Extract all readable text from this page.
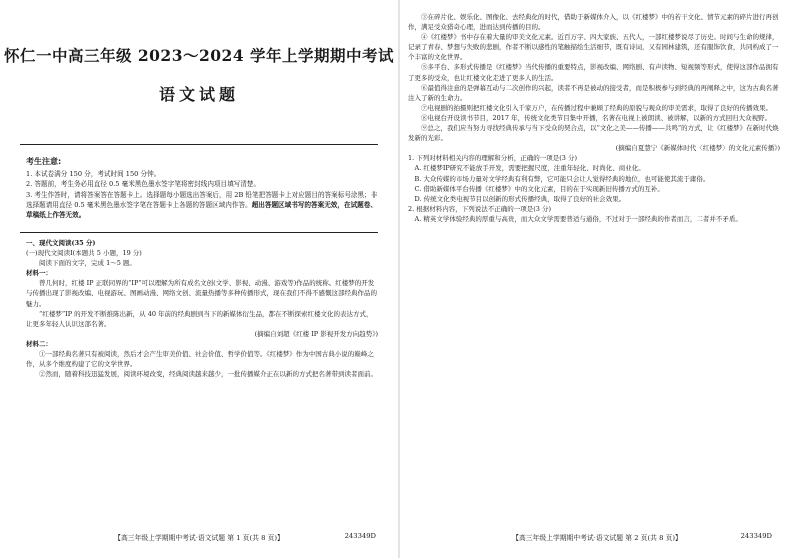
怀仁一中高三年级 2023～2024 学年上学期期中考试
语文试题
考生注意:

1. 本试卷满分 150 分，考试时间 150 分钟。

2. 答题前，考生务必用直径 0.5 毫米黑色墨水签字笔将密封线内项目填写清楚。

3. 考生作答时，请将答案答在答题卡上。选择题每小题选出答案后，用 2B 铅笔把答题卡上对应题目的答案标号涂黑；非选择题请用直径 0.5 毫米黑色墨水签字笔在答题卡上各题的答题区域内作答。超出答题区域书写的答案无效，在试题卷、草稿纸上作答无效。

一、现代文阅读(35 分)

(一)现代文阅读Ⅰ(本题共 5 小题，19 分)

阅读下面的文字，完成 1～5 题。

材料一：

曾几何时，红楼 IP 正联同界的“IP”可以理解为所有成名文创(文学、影视、动漫、游戏等)作品的统称。红楼梦的开发与传播出现了影视改编、电视游玩、图画动漫、网络文创、流量热播等多种传播形式，现在我们不得不感慨这部经典作品的魅力。

“红楼梦”IP 的开发不断推陈出新，从 40 年前的经典剧到当下的新媒体衍生品，都在不断探索红楼文化的表达方式，让更多年轻人认识这部名著。

(摘编自刘超《红楼 IP 影视开发方向趋势》)

材料二：

①一部经典名著只有被阅读，然后才会产生审美价值、社会价值、哲学价值等。《红楼梦》作为中国古典小说的巅峰之作，从多个维度构建了它的文学世界。

②然而，随着科技迅猛发展，阅读环境改变，经典阅读越来越少，一批传播媒介正在以新的方式把名著带到读者面前。

【高三年级上学期期中考试·语文试题 第 1 页(共 8 页)】	243349D

③在碎片化、娱乐化、图像化、去经典化的时代，借助于新媒体介入，以《红楼梦》中的若干文化、情节元素的碎片进行再创作，满足受众猎奇心理，进而达到传播的目的。

④《红楼梦》书中存在着大量的审美文化元素。近百万字、四大家族、五代人，一部红楼梦说尽了历史。时间与生命的规律，记录了青春、梦想与失败的悲剧，作者不断以感性的笔触描绘生活细节，既有诗词，又有园林建筑，还有服饰饮食，共同构成了一个丰富的文化世界。

⑤多平台、多形式传播是《红楼梦》当代传播的重要特点，影视改编、网络剧、有声读物、短视频等形式，使得这部作品拥有了更多的受众，也让红楼文化走进了更多人的生活。

⑥最值得注意的是弹幕互动与二次创作的兴起，读者不再是被动的接受者，而是积极参与到经典的再阐释之中，这为古典名著注入了新的生命力。

⑦电视剧的拍摄则把红楼文化引入千家万户，在传播过程中兼顾了经典的原貌与观众的审美需求，取得了良好的传播效果。

⑧电视台开设读书节目，2017 年，传统文化类节目集中开播，名著在电视上被朗读、被讲解，以新的方式回归大众视野。

⑨总之，我们应当努力寻找经典传承与当下受众的契合点，以“文化之美——传播——共鸣”的方式，让《红楼梦》在新时代焕发新的光彩。

(摘编自夏慧宁《新媒体时代〈红楼梦〉的文化元素传播》)

1. 下列对材料相关内容的理解和分析，正确的一项是(3 分)

A. 红楼梦IP研究不能放手开发，需要把握尺度，注重年轻化、时尚化、商业化。

B. 大众传媒的市场力量对文学经典有利有弊，它可能只会让人觉得经典的地位，也可能使其流于庸俗。

C. 借助新媒体平台传播《红楼梦》中的文化元素，目的在于实现新旧传播方式的互补。

D. 传统文化类电视节目以创新的形式传播经典，取得了良好的社会效果。

2. 根据材料内容，下列说法不正确的一项是(3 分)

A. 精英文学体验经典的厚重与高贵，而大众文学需要普适与通俗，不过对于一部经典的作者而言，二者并不矛盾。

【高三年级上学期期中考试·语文试题 第 2 页(共 8 页)】	243349D
